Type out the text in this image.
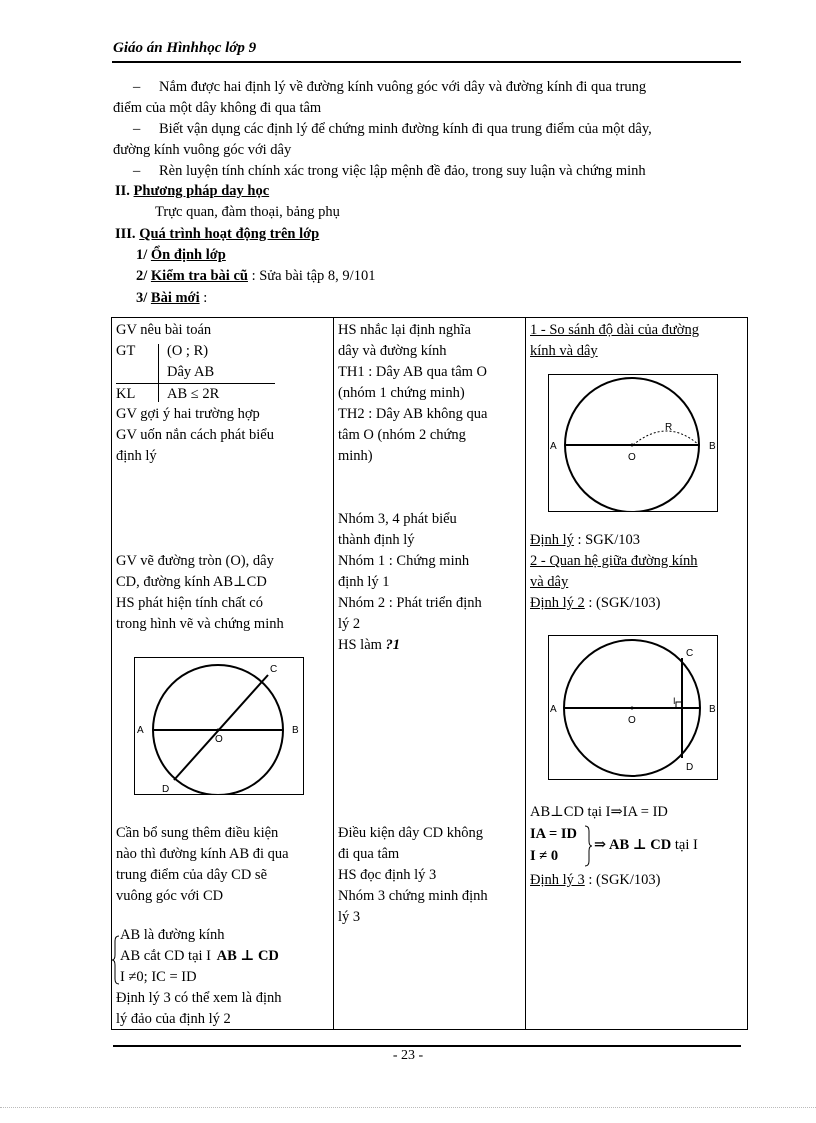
Giáo án Hìnhhọc lớp 9
– Nắm được hai định lý về đường kính vuông góc với dây và đường kính đi qua trung
điểm của một dây không đi qua tâm
– Biết vận dụng các định lý để chứng minh đường kính đi qua trung điểm của một dây,
đường kính vuông góc với dây
– Rèn luyện tính chính xác trong việc lập mệnh đề đảo, trong suy luận và chứng minh
II. Phương pháp day học
Trực quan, đàm thoại, bảng phụ
III. Quá trình hoạt động trên lớp
1/ Ổn định lớp
2/ Kiểm tra bài cũ : Sửa bài tập 8, 9/101
3/ Bài mới :
GV nêu bài toán
GT (O ; R)
Dây AB
KL AB ≤ 2R
GV gợi ý hai trường hợp
GV uốn nắn cách phát biểu
định lý
GV vẽ đường tròn (O), dây
CD, đường kính AB⊥CD
HS phát hiện tính chất có
trong hình vẽ và chứng minh
A	B
O
C
D
Cần bổ sung thêm điều kiện
nào thì đường kính AB đi qua
trung điểm của dây CD sẽ
vuông góc với CD
AB là đường kính
AB cắt CD tại I AB ⊥ CD
I ≠0; IC = ID
Định lý 3 có thể xem là định
lý đảo của định lý 2

HS nhắc lại định nghĩa
dây và đường kính
TH1 : Dây AB qua tâm O
(nhóm 1 chứng minh)
TH2 : Dây AB không qua
tâm O (nhóm 2 chứng
minh)
Nhóm 3, 4 phát biểu
thành định lý
Nhóm 1 : Chứng minh
định lý 1
Nhóm 2 : Phát triển định
lý 2
HS làm ?1
Điều kiện dây CD không
đi qua tâm
HS đọc định lý 3
Nhóm 3 chứng minh định
lý 3

1 - So sánh độ dài của đường
kính và dây
A	B
O
R
Định lý : SGK/103
2 - Quan hệ giữa đường kính
và dây
Định lý 2 : (SGK/103)
A	B
O
C
D
I
AB⊥CD tại I⇒IA = ID
IA = ID
I ≠ 0
⇒ AB ⊥ CD tại I
Định lý 3 : (SGK/103)
- 23 -
